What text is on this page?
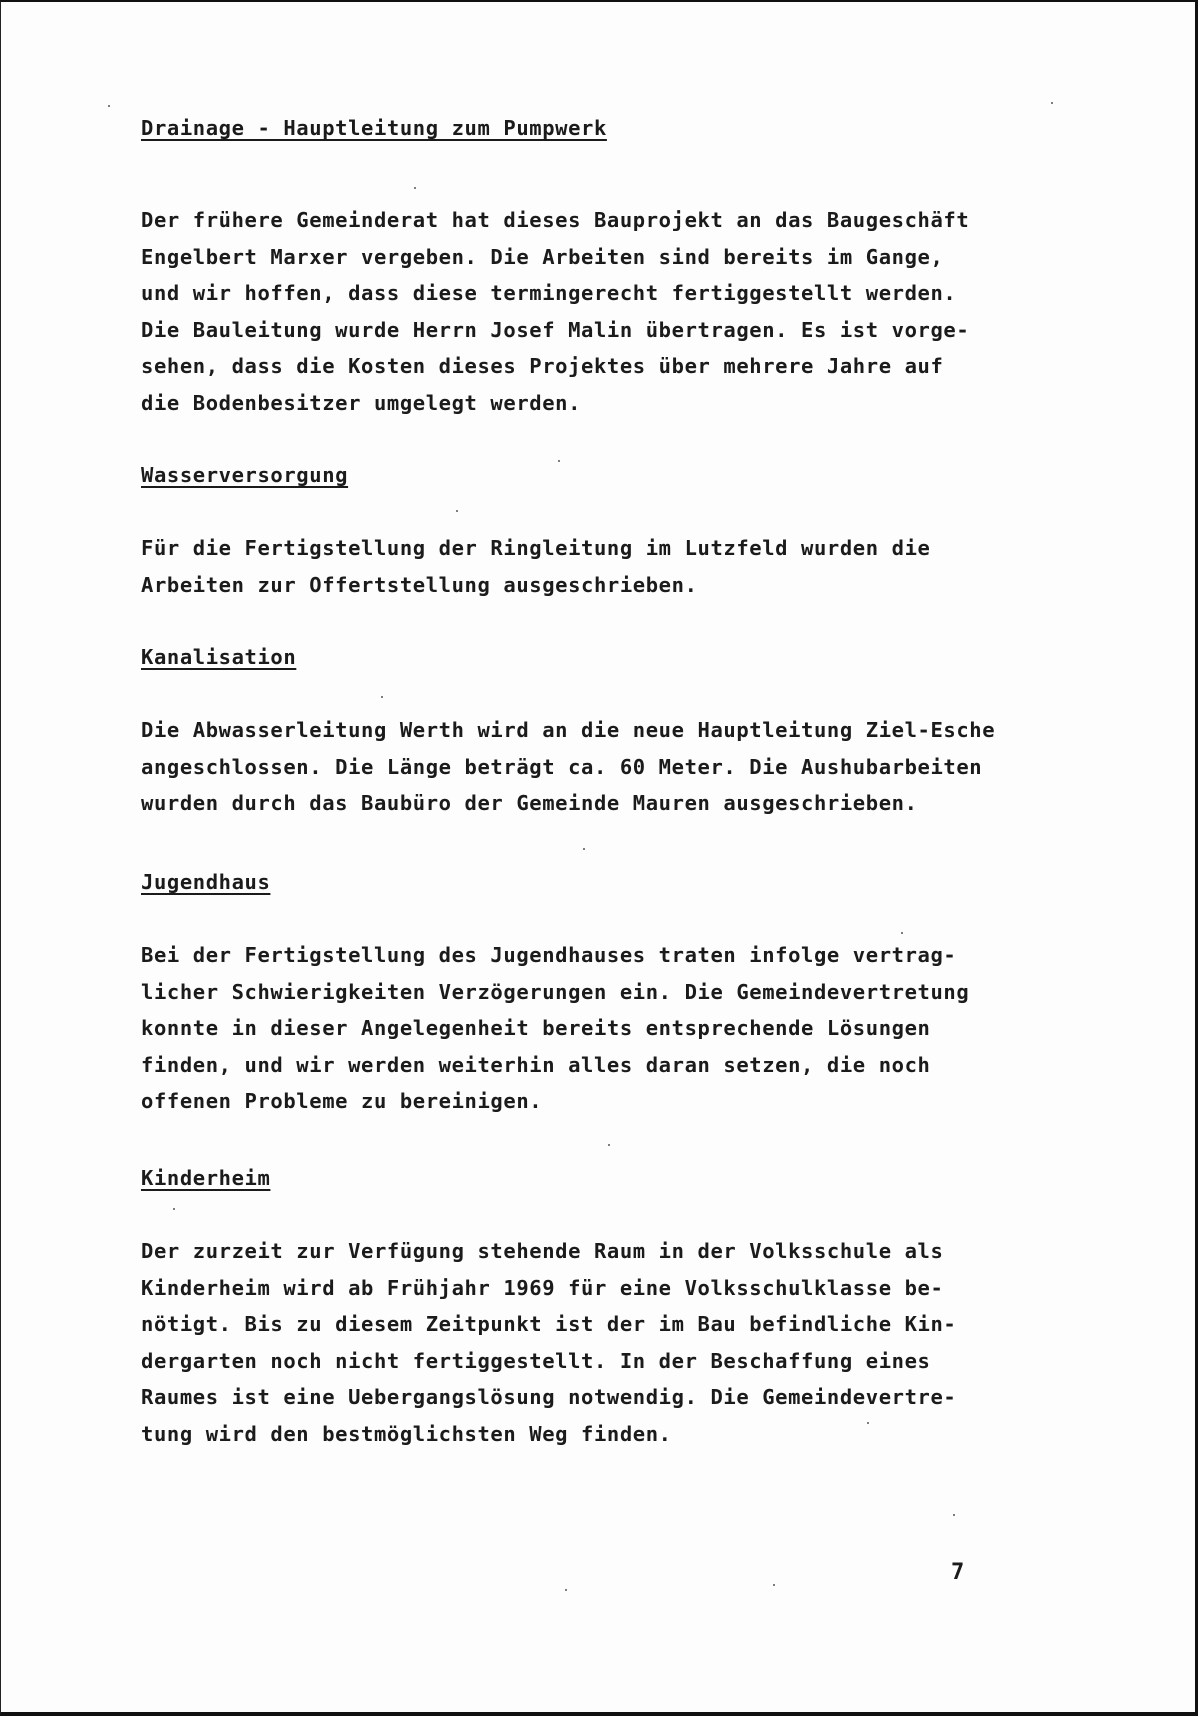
Drainage - Hauptleitung zum Pumpwerk
Der frühere Gemeinderat hat dieses Bauprojekt an das Baugeschäft
Engelbert Marxer vergeben. Die Arbeiten sind bereits im Gange,
und wir hoffen, dass diese termingerecht fertiggestellt werden.
Die Bauleitung wurde Herrn Josef Malin übertragen. Es ist vorge-
sehen, dass die Kosten dieses Projektes über mehrere Jahre auf
die Bodenbesitzer umgelegt werden.
Wasserversorgung
Für die Fertigstellung der Ringleitung im Lutzfeld wurden die
Arbeiten zur Offertstellung ausgeschrieben.
Kanalisation
Die Abwasserleitung Werth wird an die neue Hauptleitung Ziel-Esche
angeschlossen. Die Länge beträgt ca. 60 Meter. Die Aushubarbeiten
wurden durch das Baubüro der Gemeinde Mauren ausgeschrieben.
Jugendhaus
Bei der Fertigstellung des Jugendhauses traten infolge vertrag-
licher Schwierigkeiten Verzögerungen ein. Die Gemeindevertretung
konnte in dieser Angelegenheit bereits entsprechende Lösungen
finden, und wir werden weiterhin alles daran setzen, die noch
offenen Probleme zu bereinigen.
Kinderheim
Der zurzeit zur Verfügung stehende Raum in der Volksschule als
Kinderheim wird ab Frühjahr 1969 für eine Volksschulklasse be-
nötigt. Bis zu diesem Zeitpunkt ist der im Bau befindliche Kin-
dergarten noch nicht fertiggestellt. In der Beschaffung eines
Raumes ist eine Uebergangslösung notwendig. Die Gemeindevertre-
tung wird den bestmöglichsten Weg finden.
7
